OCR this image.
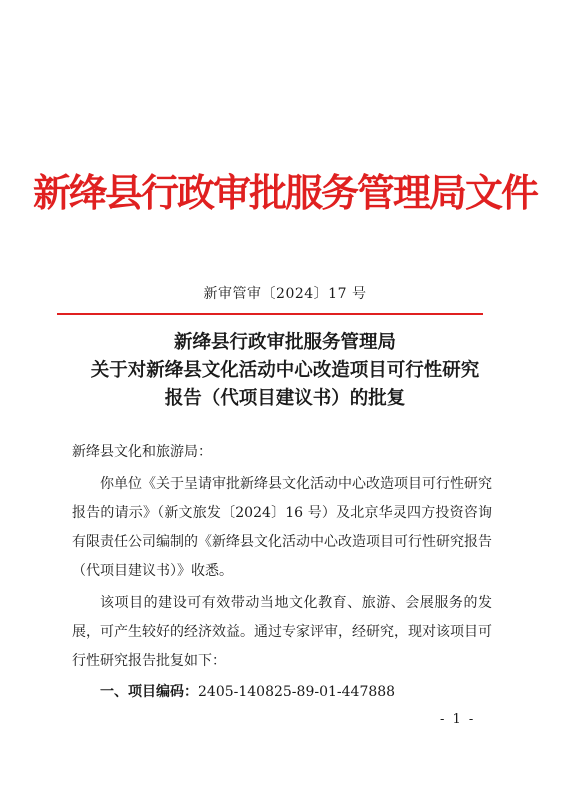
新绛县行政审批服务管理局文件
新审管审〔2024〕17 号
新绛县行政审批服务管理局
关于对新绛县文化活动中心改造项目可行性研究
报告（代项目建议书）的批复

新绛县文化和旅游局：

你单位《关于呈请审批新绛县文化活动中心改造项目可行性研究报告的请示》（新文旅发〔2024〕16 号）及北京华灵四方投资咨询有限责任公司编制的《新绛县文化活动中心改造项目可行性研究报告（代项目建议书）》收悉。

该项目的建设可有效带动当地文化教育、旅游、会展服务的发展，可产生较好的经济效益。通过专家评审，经研究，现对该项目可行性研究报告批复如下：

一、项目编码：2405-140825-89-01-447888

- 1 -
